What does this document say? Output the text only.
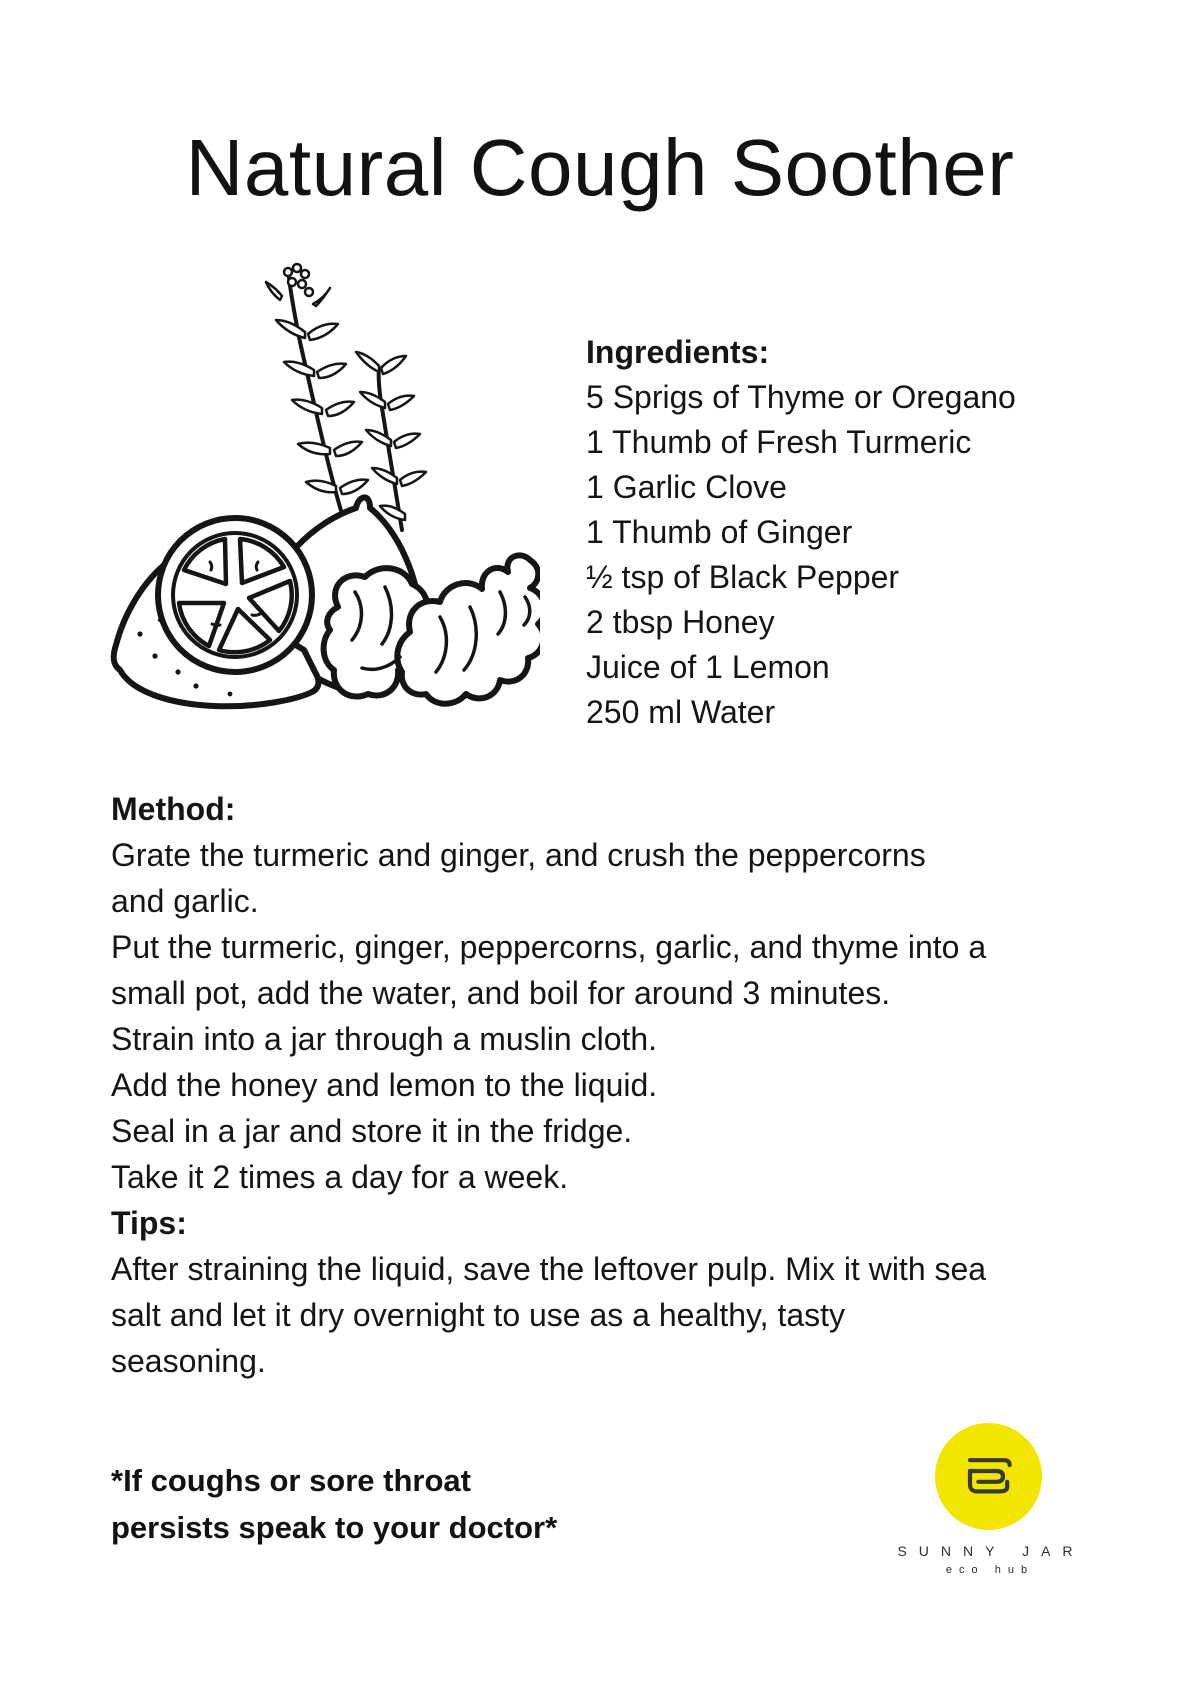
Natural Cough Soother
Ingredients:
5 Sprigs of Thyme or Oregano
1 Thumb of Fresh Turmeric
1 Garlic Clove
1 Thumb of Ginger
½ tsp of Black Pepper
2 tbsp Honey
Juice of 1 Lemon
250 ml Water
Method:
Grate the turmeric and ginger, and crush the peppercorns
and garlic.
Put the turmeric, ginger, peppercorns, garlic, and thyme into a
small pot, add the water, and boil for around 3 minutes.
Strain into a jar through a muslin cloth.
Add the honey and lemon to the liquid.
Seal in a jar and store it in the fridge.
Take it 2 times a day for a week.
Tips:
After straining the liquid, save the leftover pulp. Mix it with sea
salt and let it dry overnight to use as a healthy, tasty
seasoning.
*If coughs or sore throat
persists speak to your doctor*
SUNNY JAR
eco hub
